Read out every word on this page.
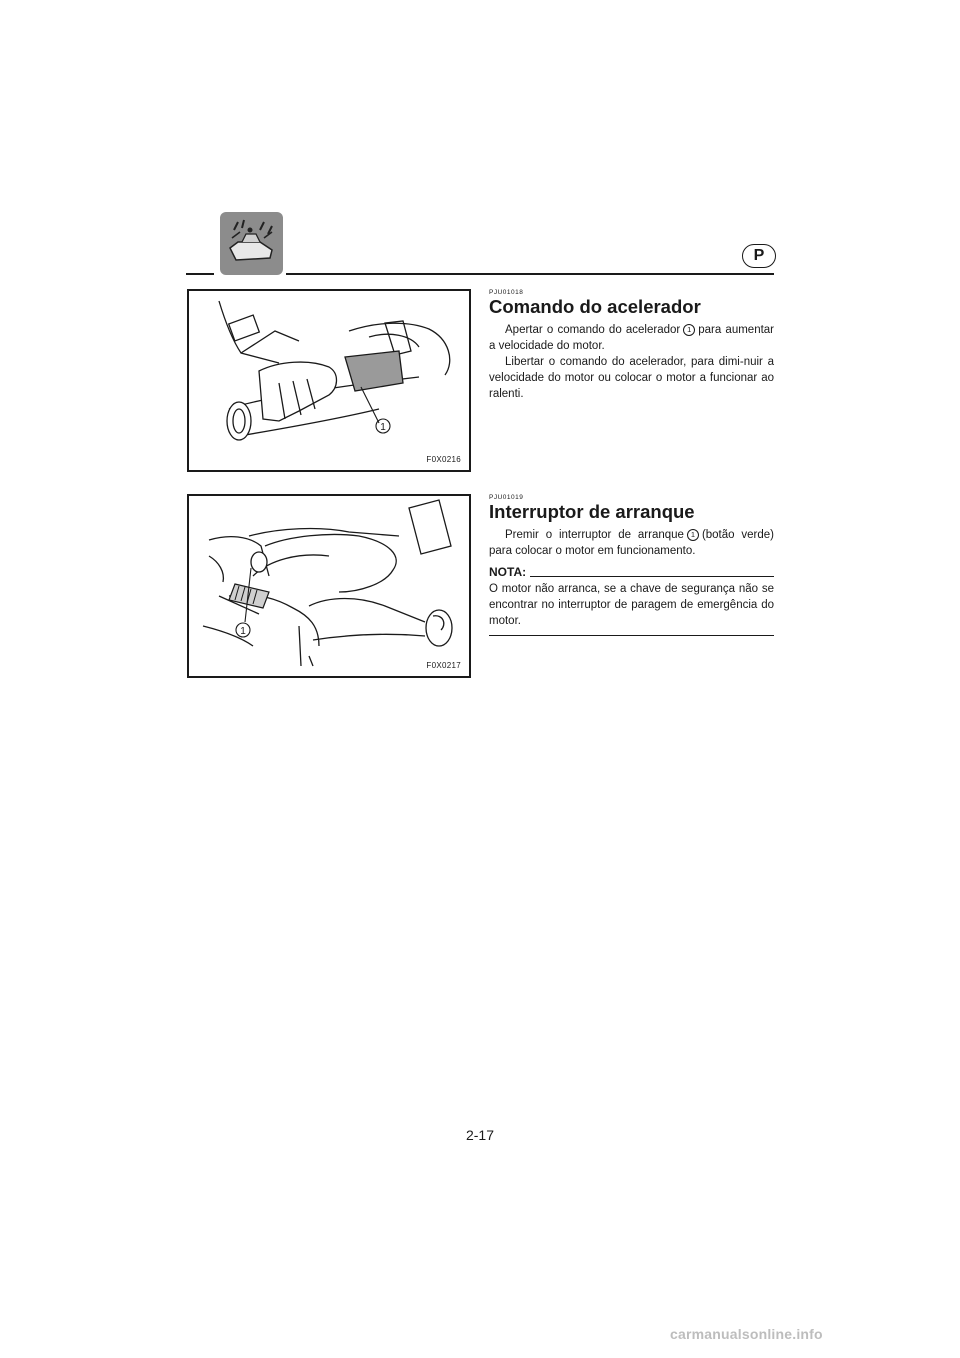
P
1
F0X0216
1
F0X0217
PJU01018
Comando do acelerador

Apertar o comando do acelerador 1 para aumentar a velocidade do motor.

Libertar o comando do acelerador, para dimi-nuir a velocidade do motor ou colocar o motor a funcionar ao ralenti.

PJU01019
Interruptor de arranque

Premir o interruptor de arranque 1 (botão verde) para colocar o motor em funcionamento.

NOTA:

O motor não arranca, se a chave de segurança não se encontrar no interruptor de paragem de emergência do motor.

2-17
carmanualsonline.info
